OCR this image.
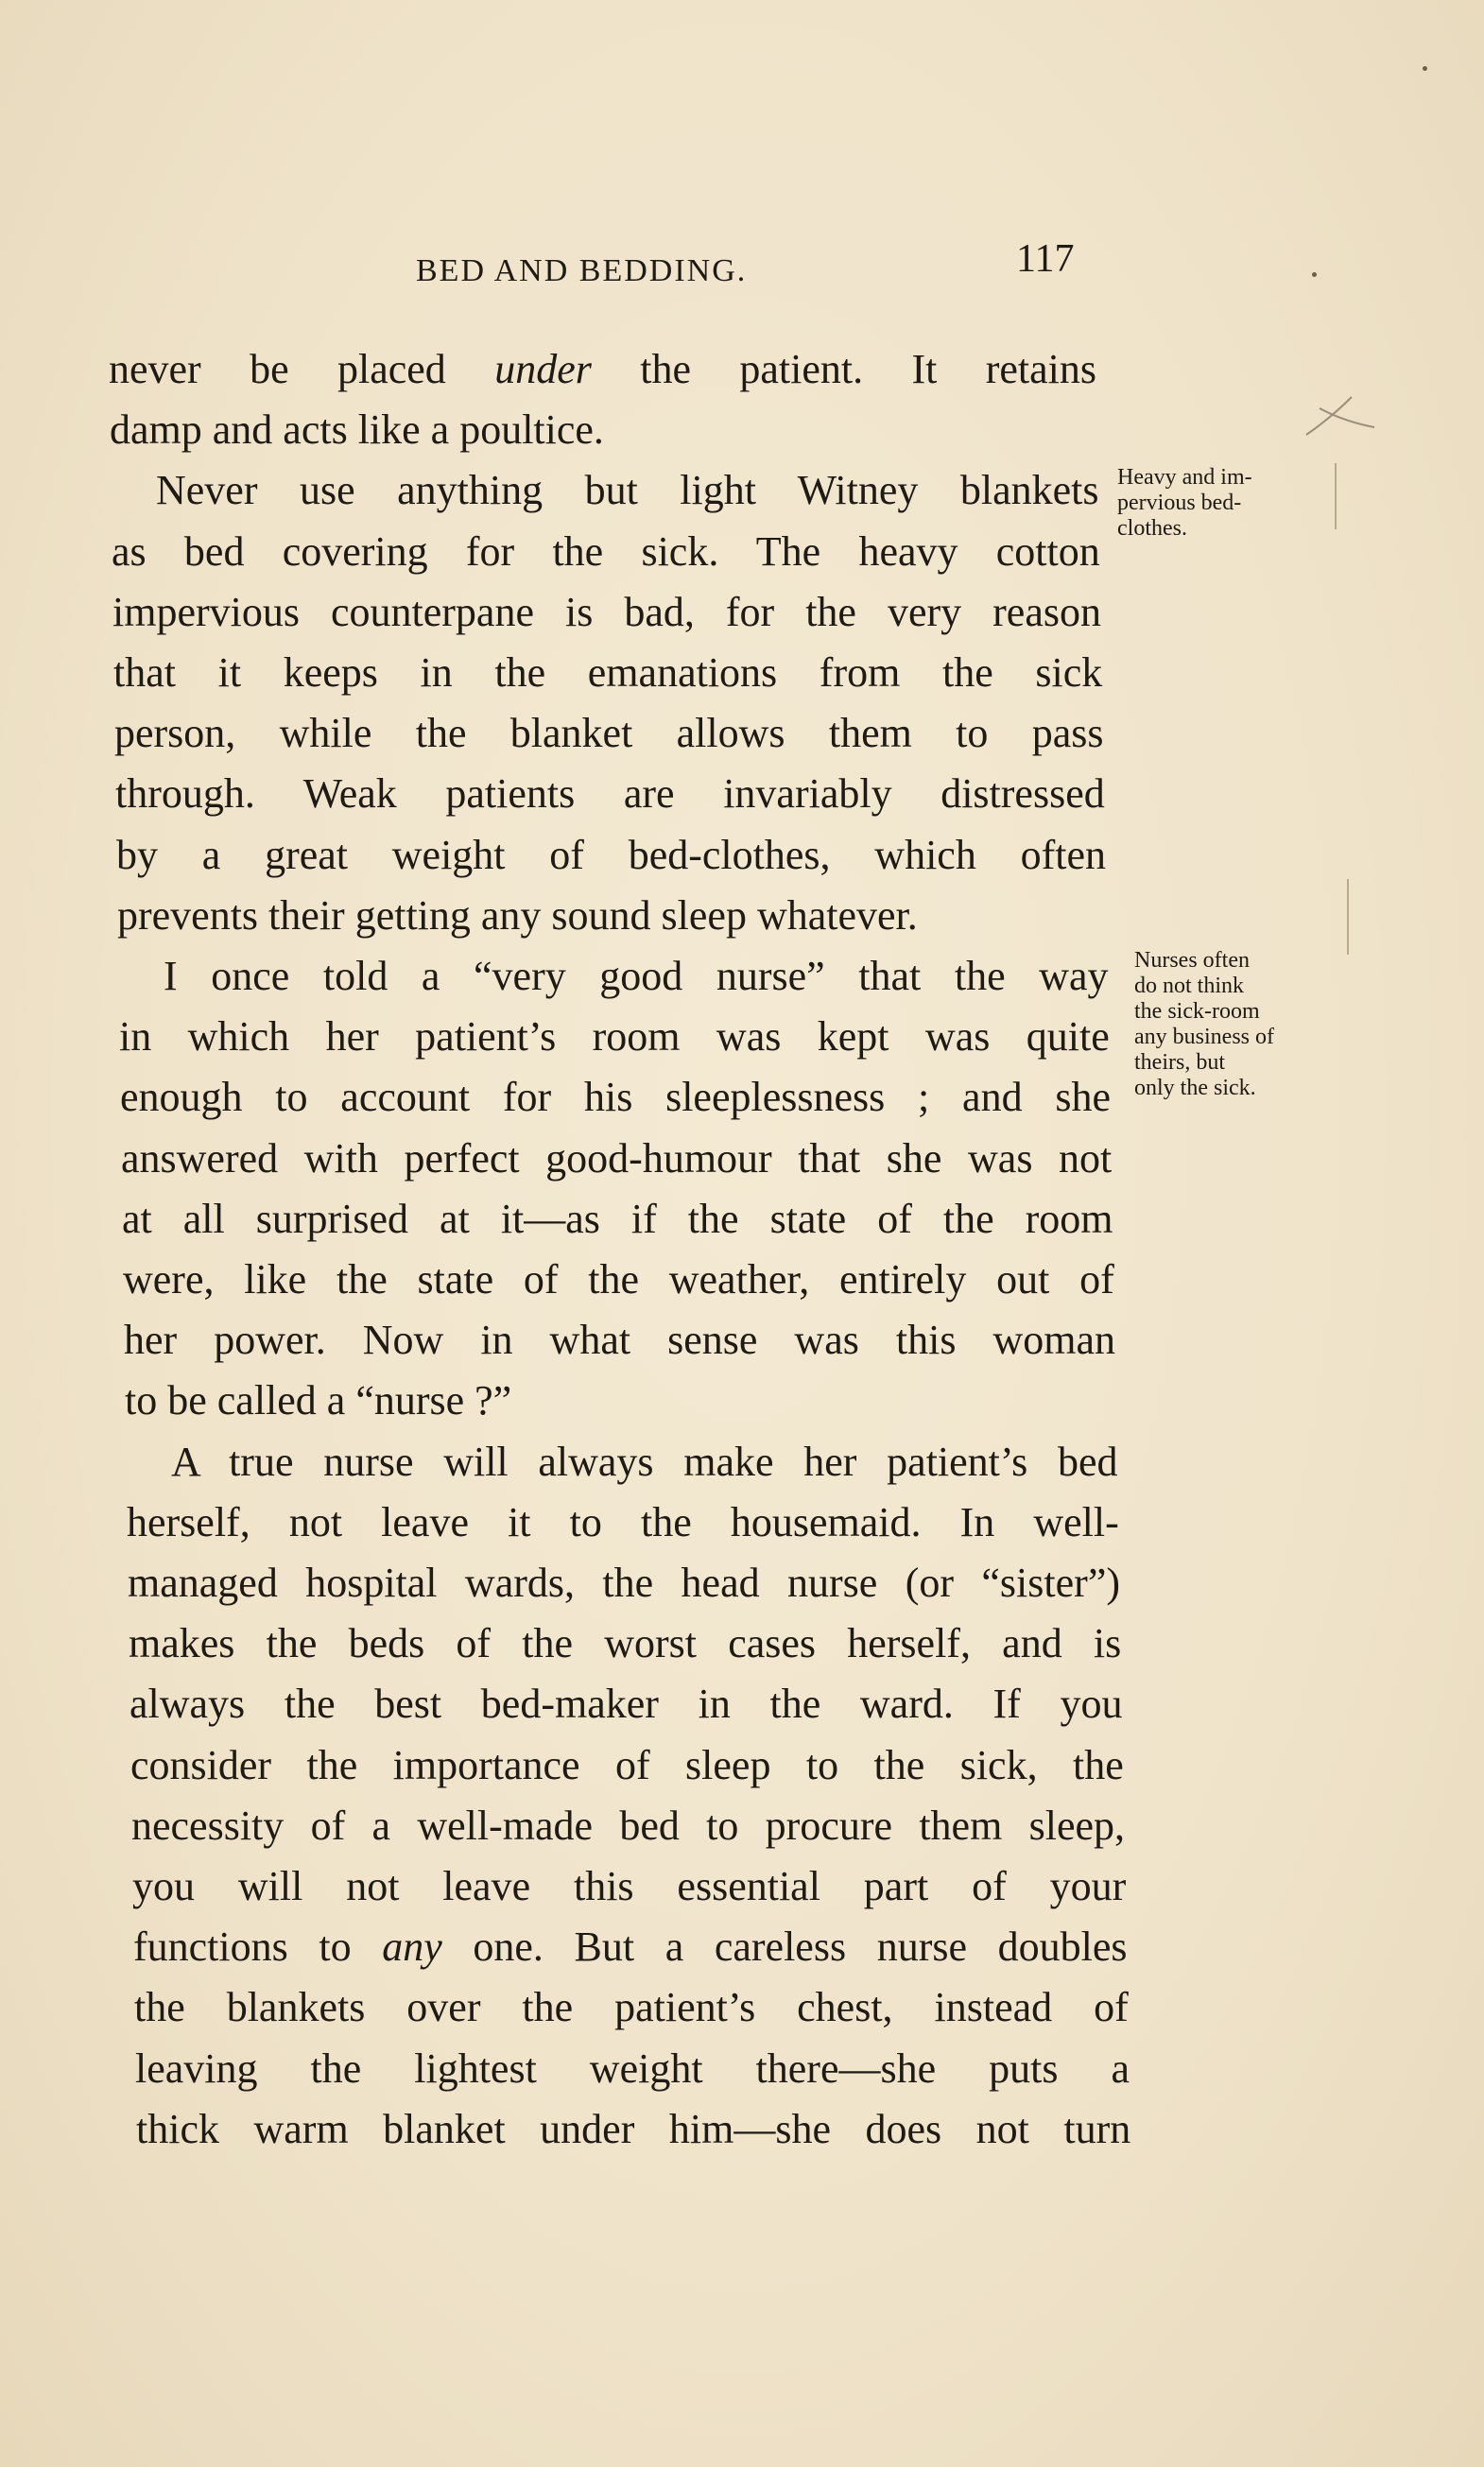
BED AND BEDDING.	117
never be placed under the patient. It retains
damp and acts like a poultice.
Never use anything but light Witney blankets
as bed covering for the sick. The heavy cotton
impervious counterpane is bad, for the very reason
that it keeps in the emanations from the sick
person, while the blanket allows them to pass
through. Weak patients are invariably distressed
by a great weight of bed-clothes, which often
prevents their getting any sound sleep whatever.
I once told a “very good nurse” that the way
in which her patient’s room was kept was quite
enough to account for his sleeplessness ; and she
answered with perfect good-humour that she was not
at all surprised at it—as if the state of the room
were, like the state of the weather, entirely out of
her power. Now in what sense was this woman
to be called a “nurse ?”
A true nurse will always make her patient’s bed
herself, not leave it to the housemaid. In well-
managed hospital wards, the head nurse (or “sister”)
makes the beds of the worst cases herself, and is
always the best bed-maker in the ward. If you
consider the importance of sleep to the sick, the
necessity of a well-made bed to procure them sleep,
you will not leave this essential part of your
functions to any one. But a careless nurse doubles
the blankets over the patient’s chest, instead of
leaving the lightest weight there—she puts a
thick warm blanket under him—she does not turn
Heavy and im-
pervious bed-
clothes.
Nurses often
do not think
the sick-room
any business of
theirs, but
only the sick.
